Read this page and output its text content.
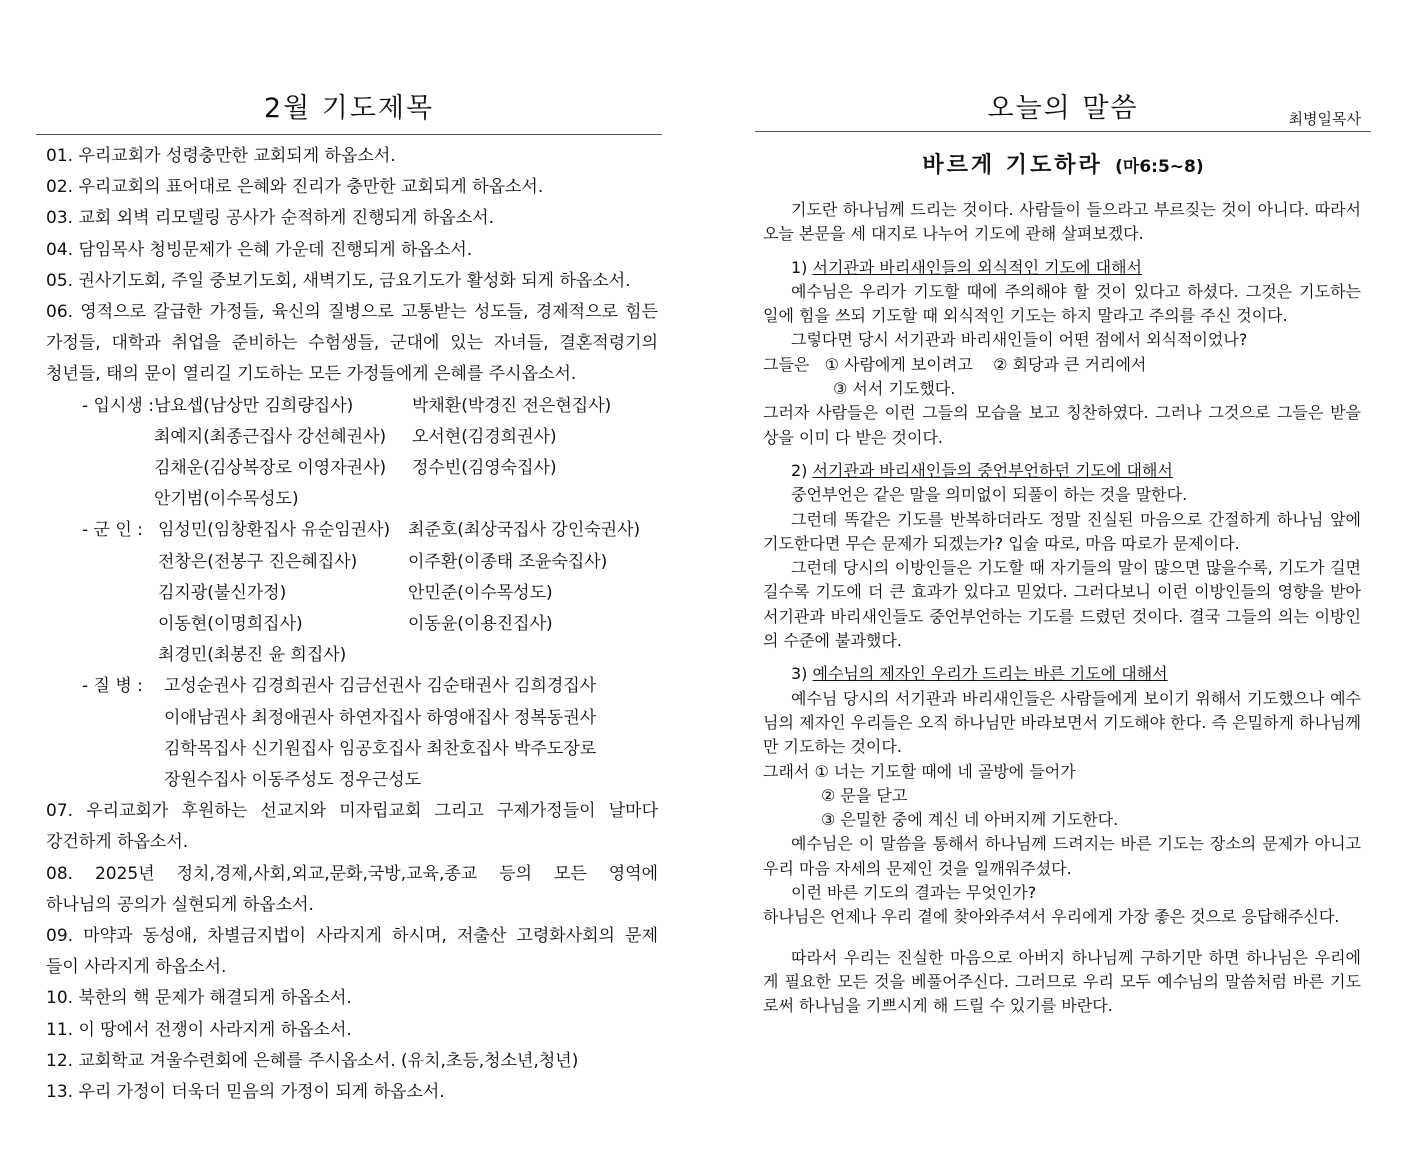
2월 기도제목
01. 우리교회가 성령충만한 교회되게 하옵소서.
02. 우리교회의 표어대로 은혜와 진리가 충만한 교회되게 하옵소서.
03. 교회 외벽 리모델링 공사가 순적하게 진행되게 하옵소서.
04. 담임목사 청빙문제가 은혜 가운데 진행되게 하옵소서.
05. 권사기도회, 주일 중보기도회, 새벽기도, 금요기도가 활성화 되게 하옵소서.
06. 영적으로 갈급한 가정들, 육신의 질병으로 고통받는 성도들, 경제적으로 힘든
가정들, 대학과 취업을 준비하는 수험생들, 군대에 있는 자녀들, 결혼적령기의
청년들, 태의 문이 열리길 기도하는 모든 가정들에게 은혜를 주시옵소서.
- 입시생 : 남요셉(남상만 김희량집사)	박채환(박경진 전은현집사)
최예지(최종근집사 강선혜권사)	오서현(김경희권사)
김채운(김상복장로 이영자권사)	정수빈(김영숙집사)
안기범(이수목성도)
- 군 인 : 임성민(임창환집사 유순임권사)	최준호(최상국집사 강인숙권사)
전창은(전봉구 진은혜집사)	이주환(이종태 조윤숙집사)
김지광(불신가정)	안민준(이수목성도)
이동현(이명희집사)	이동윤(이용진집사)
최경민(최봉진 윤 희집사)
- 질 병 :	고성순권사 김경희권사 김금선권사 김순태권사 김희경집사
이애남권사 최정애권사 하연자집사 하영애집사 정복동권사
김학목집사 신기원집사 임공호집사 최찬호집사 박주도장로
장원수집사 이동주성도 정우근성도
07. 우리교회가 후원하는 선교지와 미자립교회 그리고 구제가정들이 날마다
강건하게 하옵소서.
08. 2025년 정치,경제,사회,외교,문화,국방,교육,종교 등의 모든 영역에
하나님의 공의가 실현되게 하옵소서.
09. 마약과 동성애, 차별금지법이 사라지게 하시며, 저출산 고령화사회의 문제
들이 사라지게 하옵소서.
10. 북한의 핵 문제가 해결되게 하옵소서.
11. 이 땅에서 전쟁이 사라지게 하옵소서.
12. 교회학교 겨울수련회에 은혜를 주시옵소서. (유치,초등,청소년,청년)
13. 우리 가정이 더욱더 믿음의 가정이 되게 하옵소서.
오늘의 말씀	최병일목사
바르게 기도하라 (마6:5~8)

기도란 하나님께 드리는 것이다. 사람들이 들으라고 부르짖는 것이 아니다. 따라서 오늘 본문을 세 대지로 나누어 기도에 관해 살펴보겠다.

1) 서기관과 바리새인들의 외식적인 기도에 대해서

예수님은 우리가 기도할 때에 주의해야 할 것이 있다고 하셨다. 그것은 기도하는 일에 힘을 쓰되 기도할 때 외식적인 기도는 하지 말라고 주의를 주신 것이다.

그렇다면 당시 서기관과 바리새인들이 어떤 점에서 외식적이었나?

그들은   ① 사람에게 보이려고    ② 회당과 큰 거리에서

③ 서서 기도했다.

그러자 사람들은 이런 그들의 모습을 보고 칭찬하였다. 그러나 그것으로 그들은 받을 상을 이미 다 받은 것이다.

2) 서기관과 바리새인들의 중언부언하던 기도에 대해서

중언부언은 같은 말을 의미없이 되풀이 하는 것을 말한다.

그런데 똑같은 기도를 반복하더라도 정말 진실된 마음으로 간절하게 하나님 앞에 기도한다면 무슨 문제가 되겠는가? 입술 따로, 마음 따로가 문제이다.

그런데 당시의 이방인들은 기도할 때 자기들의 말이 많으면 많을수록, 기도가 길면 길수록 기도에 더 큰 효과가 있다고 믿었다. 그러다보니 이런 이방인들의 영향을 받아 서기관과 바리새인들도 중언부언하는 기도를 드렸던 것이다. 결국 그들의 의는 이방인의 수준에 불과했다.

3) 예수님의 제자인 우리가 드리는 바른 기도에 대해서

예수님 당시의 서기관과 바리새인들은 사람들에게 보이기 위해서 기도했으나 예수님의 제자인 우리들은 오직 하나님만 바라보면서 기도해야 한다. 즉 은밀하게 하나님께만 기도하는 것이다.

그래서 ① 너는 기도할 때에 네 골방에 들어가

② 문을 닫고

③ 은밀한 중에 계신 네 아버지께 기도한다.

예수님은 이 말씀을 통해서 하나님께 드려지는 바른 기도는 장소의 문제가 아니고 우리 마음 자세의 문제인 것을 일깨워주셨다.

이런 바른 기도의 결과는 무엇인가?

하나님은 언제나 우리 곁에 찾아와주셔서 우리에게 가장 좋은 것으로 응답해주신다.

따라서 우리는 진실한 마음으로 아버지 하나님께 구하기만 하면 하나님은 우리에게 필요한 모든 것을 베풀어주신다. 그러므로 우리 모두 예수님의 말씀처럼 바른 기도로써 하나님을 기쁘시게 해 드릴 수 있기를 바란다.
